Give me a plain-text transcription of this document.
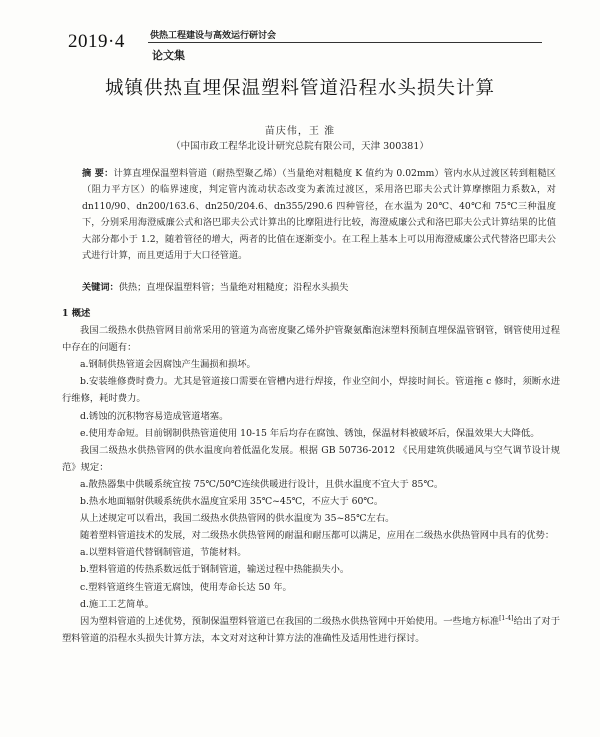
2019·4	供热工程建设与高效运行研讨会
论文集
城镇供热直埋保温塑料管道沿程水头损失计算
苗庆伟，王 淮
（中国市政工程华北设计研究总院有限公司，天津 300381）
摘 要：计算直埋保温塑料管道（耐热型聚乙烯）（当量绝对粗糙度 K 值约为 0.02mm）管内水从过渡区转到粗糙区（阻力平方区）的临界速度，判定管内流动状态改变为紊流过渡区，采用洛巴耶夫公式计算摩擦阻力系数λ，对 dn110/90、dn200/163.6、dn250/204.6、dn355/290.6 四种管径，在水温为 20℃、40℃和 75℃三种温度下，分别采用海澄威廉公式和洛巴耶夫公式计算出的比摩阻进行比较，海澄威廉公式和洛巴耶夫公式计算结果的比值大部分都小于 1.2，随着管径的增大，两者的比值在逐渐变小。在工程上基本上可以用海澄威廉公式代替洛巴耶夫公式进行计算，而且更适用于大口径管道。
关键词：供热；直埋保温塑料管；当量绝对粗糙度；沿程水头损失

1 概述

我国二级热水供热管网目前常采用的管道为高密度聚乙烯外护管聚氨酯泡沫塑料预制直埋保温管钢管，钢管使用过程中存在的问题有：

a.钢制供热管道会因腐蚀产生漏损和损坏。

b.安装维修费时费力。尤其是管道接口需要在管槽内进行焊接，作业空间小，焊接时间长。管道拖 c 修时，须断水进行维修，耗时费力。

d.锈蚀的沉积物容易造成管道堵塞。

e.使用寿命短。目前钢制供热管道使用 10-15 年后均存在腐蚀、锈蚀，保温材料被破坏后，保温效果大大降低。

我国二级热水供热管网的供水温度向着低温化发展。根据 GB 50736-2012 《民用建筑供暖通风与空气调节设计规范》规定：

a.散热器集中供暖系统宜按 75℃/50℃连续供暖进行设计，且供水温度不宜大于 85℃。

b.热水地面辐射供暖系统供水温度宜采用 35℃~45℃，不应大于 60℃。

从上述规定可以看出，我国二级热水供热管网的供水温度为 35~85℃左右。

随着塑料管道技术的发展，对二级热水供热管网的耐温和耐压都可以满足，应用在二级热水供热管网中具有的优势：

a.以塑料管道代替钢制管道，节能材料。

b.塑料管道的传热系数远低于钢制管道，输送过程中热能损失小。

c.塑料管道终生管道无腐蚀，使用寿命长达 50 年。

d.施工工艺简单。

因为塑料管道的上述优势，预制保温塑料管道已在我国的二级热水供热管网中开始使用。一些地方标准[1-4]给出了对于塑料管道的沿程水头损失计算方法，本文对对这种计算方法的准确性及适用性进行探讨。
